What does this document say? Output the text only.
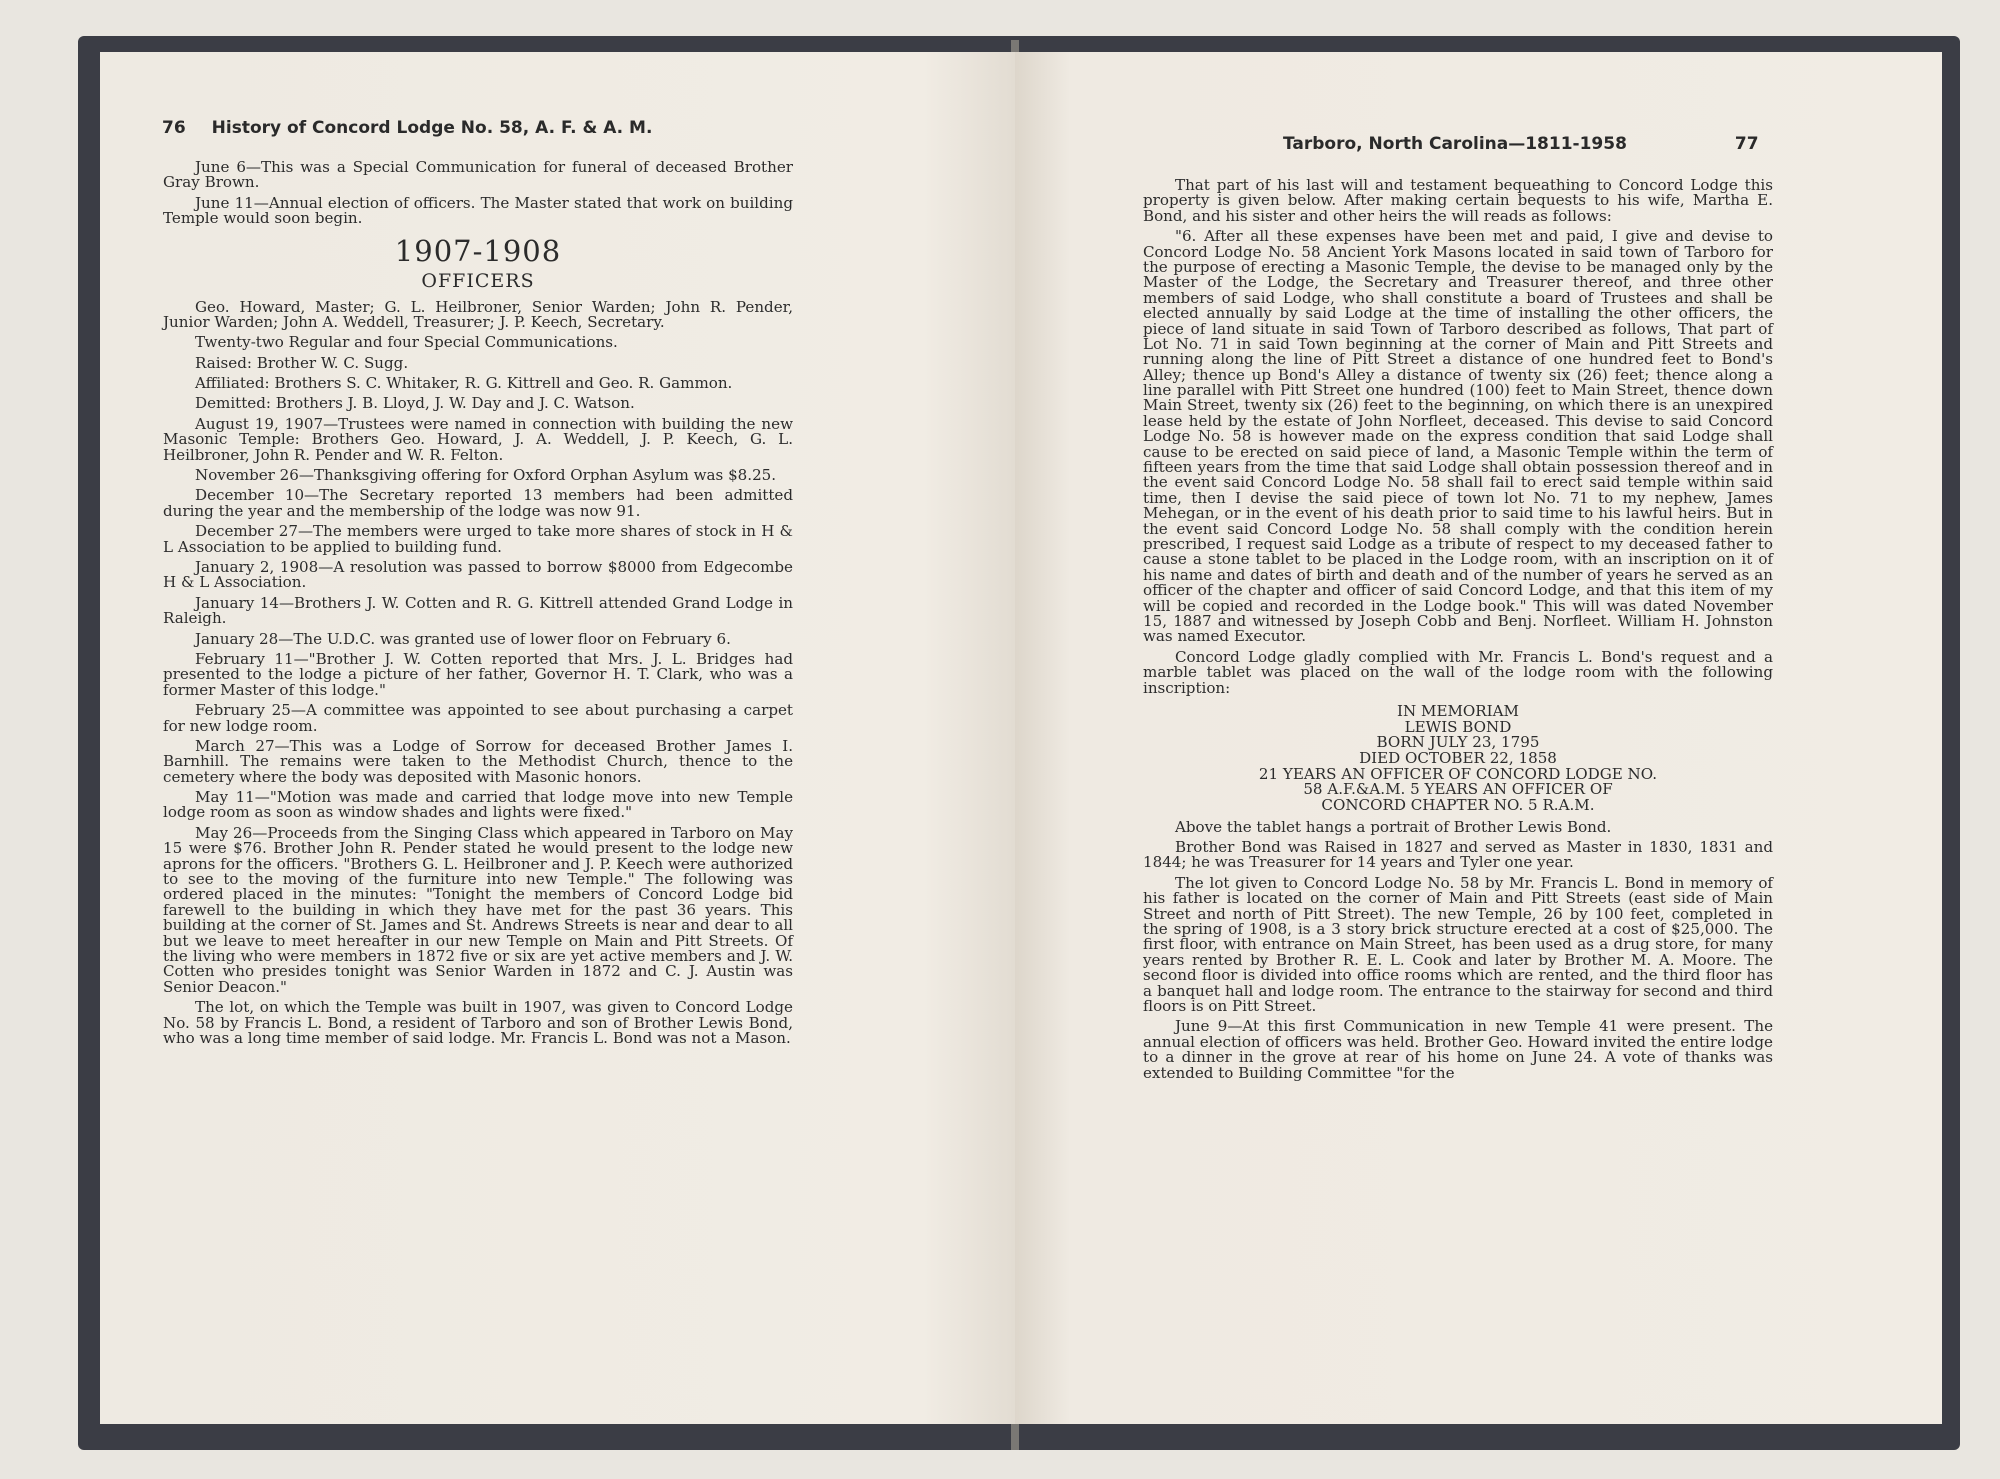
76 History of Concord Lodge No. 58, A. F. & A. M.

June 6—This was a Special Communication for funeral of deceased Brother Gray Brown.

June 11—Annual election of officers. The Master stated that work on building Temple would soon begin.

1907-1908
OFFICERS

Geo. Howard, Master; G. L. Heilbroner, Senior Warden; John R. Pender, Junior Warden; John A. Weddell, Treasurer; J. P. Keech, Secretary.

Twenty-two Regular and four Special Communications.

Raised: Brother W. C. Sugg.

Affiliated: Brothers S. C. Whitaker, R. G. Kittrell and Geo. R. Gammon.

Demitted: Brothers J. B. Lloyd, J. W. Day and J. C. Watson.

August 19, 1907—Trustees were named in connection with building the new Masonic Temple: Brothers Geo. Howard, J. A. Weddell, J. P. Keech, G. L. Heilbroner, John R. Pender and W. R. Felton.

November 26—Thanksgiving offering for Oxford Orphan Asylum was $8.25.

December 10—The Secretary reported 13 members had been admitted during the year and the membership of the lodge was now 91.

December 27—The members were urged to take more shares of stock in H & L Association to be applied to building fund.

January 2, 1908—A resolution was passed to borrow $8000 from Edgecombe H & L Association.

January 14—Brothers J. W. Cotten and R. G. Kittrell attended Grand Lodge in Raleigh.

January 28—The U.D.C. was granted use of lower floor on February 6.

February 11—"Brother J. W. Cotten reported that Mrs. J. L. Bridges had presented to the lodge a picture of her father, Governor H. T. Clark, who was a former Master of this lodge."

February 25—A committee was appointed to see about purchasing a carpet for new lodge room.

March 27—This was a Lodge of Sorrow for deceased Brother James I. Barnhill. The remains were taken to the Methodist Church, thence to the cemetery where the body was deposited with Masonic honors.

May 11—"Motion was made and carried that lodge move into new Temple lodge room as soon as window shades and lights were fixed."

May 26—Proceeds from the Singing Class which appeared in Tarboro on May 15 were $76. Brother John R. Pender stated he would present to the lodge new aprons for the officers. "Brothers G. L. Heilbroner and J. P. Keech were authorized to see to the moving of the furniture into new Temple." The following was ordered placed in the minutes: "Tonight the members of Concord Lodge bid farewell to the building in which they have met for the past 36 years. This building at the corner of St. James and St. Andrews Streets is near and dear to all but we leave to meet hereafter in our new Temple on Main and Pitt Streets. Of the living who were members in 1872 five or six are yet active members and J. W. Cotten who presides tonight was Senior Warden in 1872 and C. J. Austin was Senior Deacon."

The lot, on which the Temple was built in 1907, was given to Concord Lodge No. 58 by Francis L. Bond, a resident of Tarboro and son of Brother Lewis Bond, who was a long time member of said lodge. Mr. Francis L. Bond was not a Mason.

Tarboro, North Carolina—1811-1958	77

That part of his last will and testament bequeathing to Concord Lodge this property is given below. After making certain bequests to his wife, Martha E. Bond, and his sister and other heirs the will reads as follows:

"6. After all these expenses have been met and paid, I give and devise to Concord Lodge No. 58 Ancient York Masons located in said town of Tarboro for the purpose of erecting a Masonic Temple, the devise to be managed only by the Master of the Lodge, the Secretary and Treasurer thereof, and three other members of said Lodge, who shall constitute a board of Trustees and shall be elected annually by said Lodge at the time of installing the other officers, the piece of land situate in said Town of Tarboro described as follows, That part of Lot No. 71 in said Town beginning at the corner of Main and Pitt Streets and running along the line of Pitt Street a distance of one hundred feet to Bond's Alley; thence up Bond's Alley a distance of twenty six (26) feet; thence along a line parallel with Pitt Street one hundred (100) feet to Main Street, thence down Main Street, twenty six (26) feet to the beginning, on which there is an unexpired lease held by the estate of John Norfleet, deceased. This devise to said Concord Lodge No. 58 is however made on the express condition that said Lodge shall cause to be erected on said piece of land, a Masonic Temple within the term of fifteen years from the time that said Lodge shall obtain possession thereof and in the event said Concord Lodge No. 58 shall fail to erect said temple within said time, then I devise the said piece of town lot No. 71 to my nephew, James Mehegan, or in the event of his death prior to said time to his lawful heirs. But in the event said Concord Lodge No. 58 shall comply with the condition herein prescribed, I request said Lodge as a tribute of respect to my deceased father to cause a stone tablet to be placed in the Lodge room, with an inscription on it of his name and dates of birth and death and of the number of years he served as an officer of the chapter and officer of said Concord Lodge, and that this item of my will be copied and recorded in the Lodge book." This will was dated November 15, 1887 and witnessed by Joseph Cobb and Benj. Norfleet. William H. Johnston was named Executor.

Concord Lodge gladly complied with Mr. Francis L. Bond's request and a marble tablet was placed on the wall of the lodge room with the following inscription:

IN MEMORIAM
LEWIS BOND
BORN JULY 23, 1795
DIED OCTOBER 22, 1858
21 YEARS AN OFFICER OF CONCORD LODGE NO.
58 A.F.&A.M. 5 YEARS AN OFFICER OF
CONCORD CHAPTER NO. 5 R.A.M.

Above the tablet hangs a portrait of Brother Lewis Bond.

Brother Bond was Raised in 1827 and served as Master in 1830, 1831 and 1844; he was Treasurer for 14 years and Tyler one year.

The lot given to Concord Lodge No. 58 by Mr. Francis L. Bond in memory of his father is located on the corner of Main and Pitt Streets (east side of Main Street and north of Pitt Street). The new Temple, 26 by 100 feet, completed in the spring of 1908, is a 3 story brick structure erected at a cost of $25,000. The first floor, with entrance on Main Street, has been used as a drug store, for many years rented by Brother R. E. L. Cook and later by Brother M. A. Moore. The second floor is divided into office rooms which are rented, and the third floor has a banquet hall and lodge room. The entrance to the stairway for second and third floors is on Pitt Street.

June 9—At this first Communication in new Temple 41 were present. The annual election of officers was held. Brother Geo. Howard invited the entire lodge to a dinner in the grove at rear of his home on June 24. A vote of thanks was extended to Building Committee "for the
